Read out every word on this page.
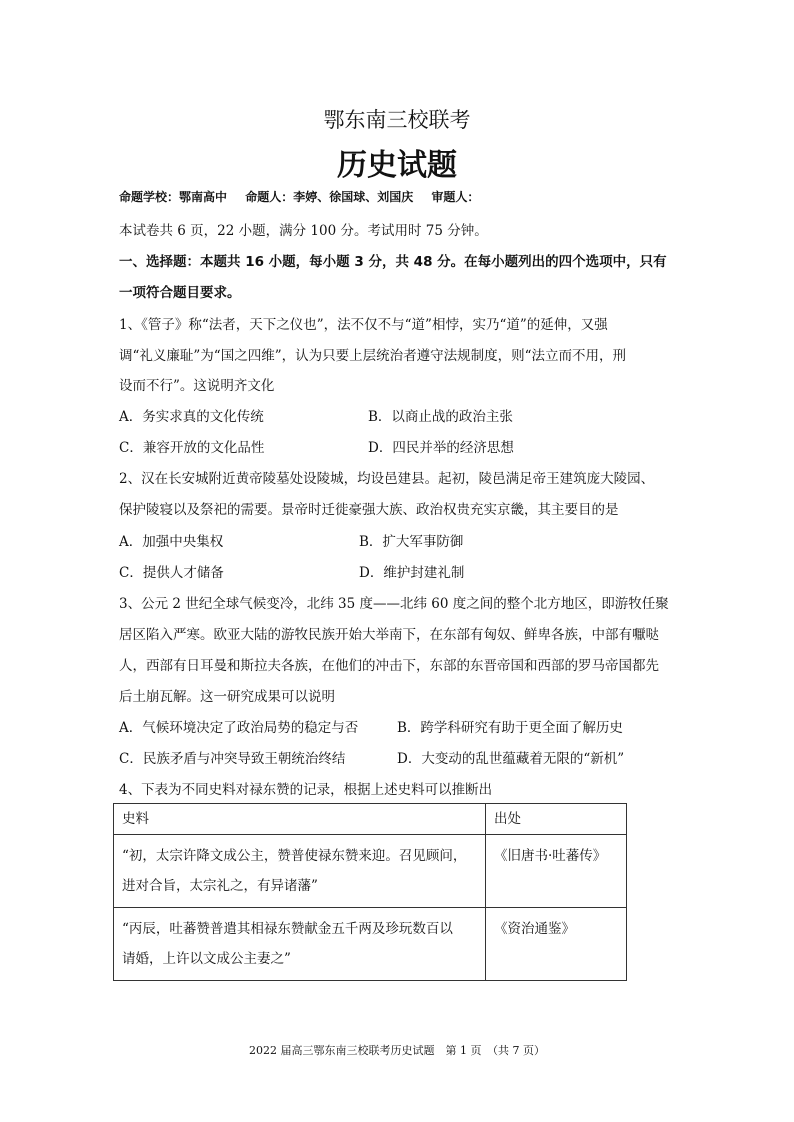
鄂东南三校联考
历史试题
命题学校：鄂南高中 命题人：李婷、徐国球、刘国庆 审题人：
本试卷共 6 页，22 小题，满分 100 分。考试用时 75 分钟。
一、选择题：本题共 16 小题，每小题 3 分，共 48 分。在每小题列出的四个选项中，只有
一项符合题目要求。
1、《管子》称“法者，天下之仪也”，法不仅不与“道”相悖，实乃“道”的延伸，又强
调“礼义廉耻”为“国之四维”，认为只要上层统治者遵守法规制度，则“法立而不用，刑
设而不行”。这说明齐文化
A．务实求真的文化传统	B．以商止战的政治主张
C．兼容开放的文化品性	D．四民并举的经济思想
2、汉在长安城附近黄帝陵墓处设陵城，均设邑建县。起初，陵邑满足帝王建筑庞大陵园、
保护陵寝以及祭祀的需要。景帝时迁徙豪强大族、政治权贵充实京畿，其主要目的是
A．加强中央集权	B．扩大军事防御
C．提供人才储备	D．维护封建礼制
3、公元 2 世纪全球气候变冷，北纬 35 度——北纬 60 度之间的整个北方地区，即游牧任聚
居区陷入严寒。欧亚大陆的游牧民族开始大举南下，在东部有匈奴、鲜卑各族，中部有嚈哒
人，西部有日耳曼和斯拉夫各族，在他们的冲击下，东部的东晋帝国和西部的罗马帝国都先
后土崩瓦解。这一研究成果可以说明
A．气候环境决定了政治局势的稳定与否	B．跨学科研究有助于更全面了解历史
C．民族矛盾与冲突导致王朝统治终结	D．大变动的乱世蕴藏着无限的“新机”
4、下表为不同史料对禄东赞的记录，根据上述史料可以推断出
史料	出处

“初，太宗许降文成公主，赞普使禄东赞来迎。召见顾问，
进对合旨，太宗礼之，有异诸藩”	《旧唐书·吐蕃传》

“丙辰，吐蕃赞普遣其相禄东赞献金五千两及珍玩数百以
请婚，上许以文成公主妻之”	《资治通鉴》
2022 届高三鄂东南三校联考历史试题　第 1 页　（共 7 页）
